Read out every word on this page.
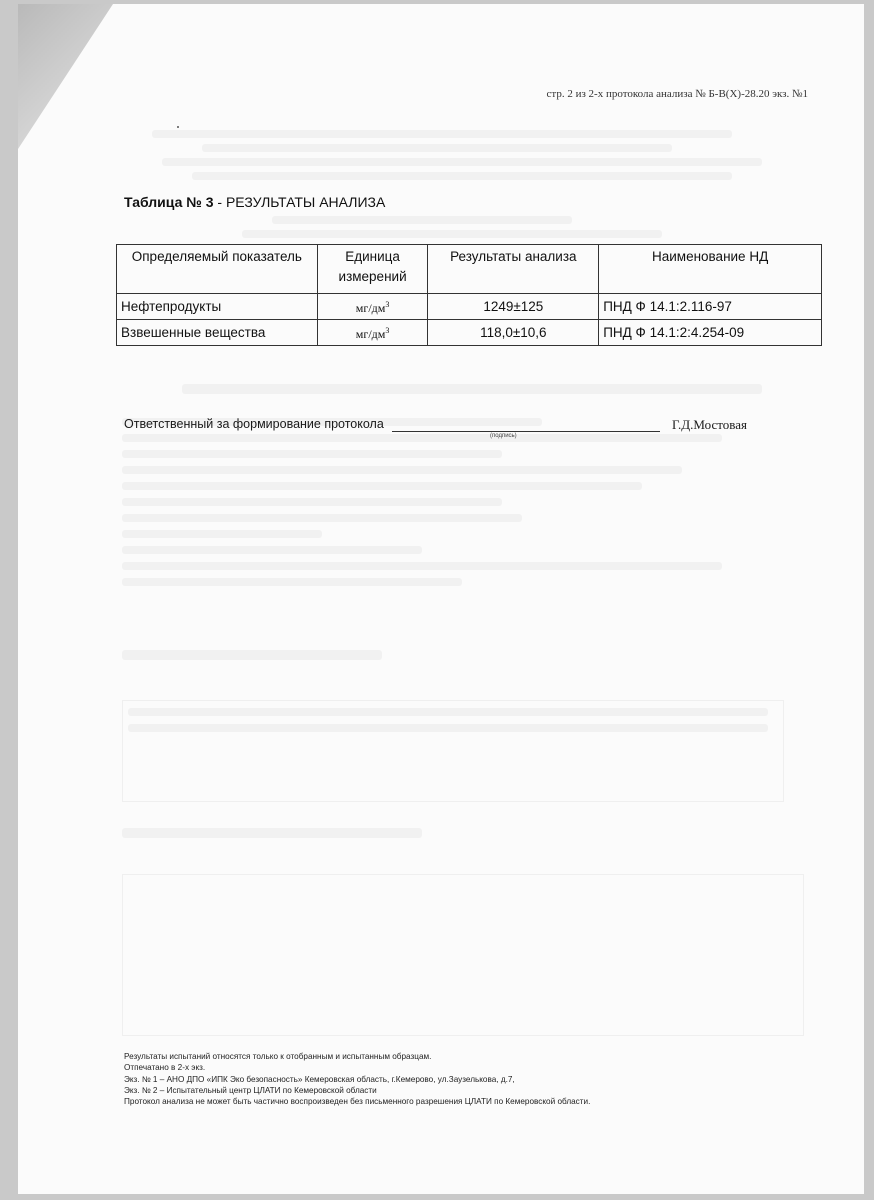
стр. 2 из 2-х протокола анализа № Б-В(Х)-28.20 экз. №1
Таблица № 3 - РЕЗУЛЬТАТЫ АНАЛИЗА
Определяемый показатель	Единица измерений	Результаты анализа	Наименование НД
Нефтепродукты	$мг/дм^3$	1249±125	ПНД Ф 14.1:2.116-97
Взвешенные вещества	$мг/дм^3$	118,0±10,6	ПНД Ф 14.1:2:4.254-09
Ответственный за формирование протокола
(подпись)
Г.Д.Мостовая
Результаты испытаний относятся только к отобранным и испытанным образцам.
Отпечатано в 2-х экз.
Экз. № 1 – АНО ДПО «ИПК Эко безопасность» Кемеровская область, г.Кемерово, ул.Заузелькова, д.7,
Экз. № 2 – Испытательный центр ЦЛАТИ по Кемеровской области
Протокол анализа не может быть частично воспроизведен без письменного разрешения ЦЛАТИ по Кемеровской области.
